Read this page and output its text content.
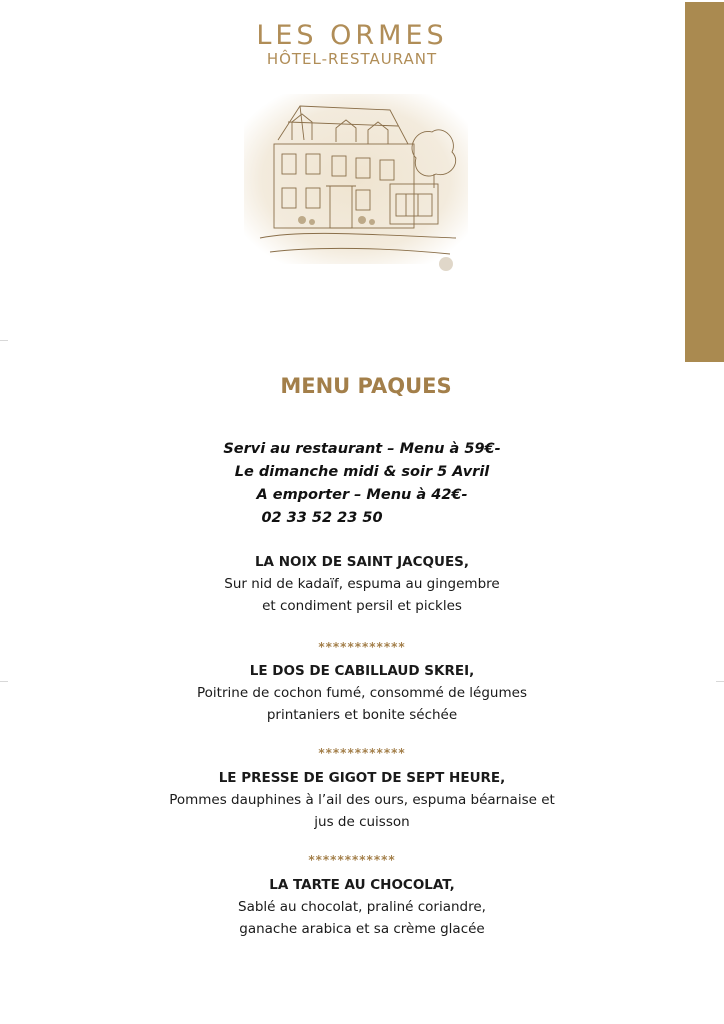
LES ORMES
HÔTEL-RESTAURANT
MENU PAQUES
Servi au restaurant – Menu à 59€-
Le dimanche midi & soir 5 Avril
A emporter – Menu à 42€-
02 33 52 23 50
LA NOIX DE SAINT JACQUES,
Sur nid de kadaïf, espuma au gingembre
et condiment persil et pickles
************
LE DOS DE CABILLAUD SKREI,
Poitrine de cochon fumé, consommé de légumes
printaniers et bonite séchée
************
LE PRESSE DE GIGOT DE SEPT HEURE,
Pommes dauphines à l’ail des ours, espuma béarnaise et
jus de cuisson
************
LA TARTE AU CHOCOLAT,
Sablé au chocolat, praliné coriandre,
ganache arabica et sa crème glacée
